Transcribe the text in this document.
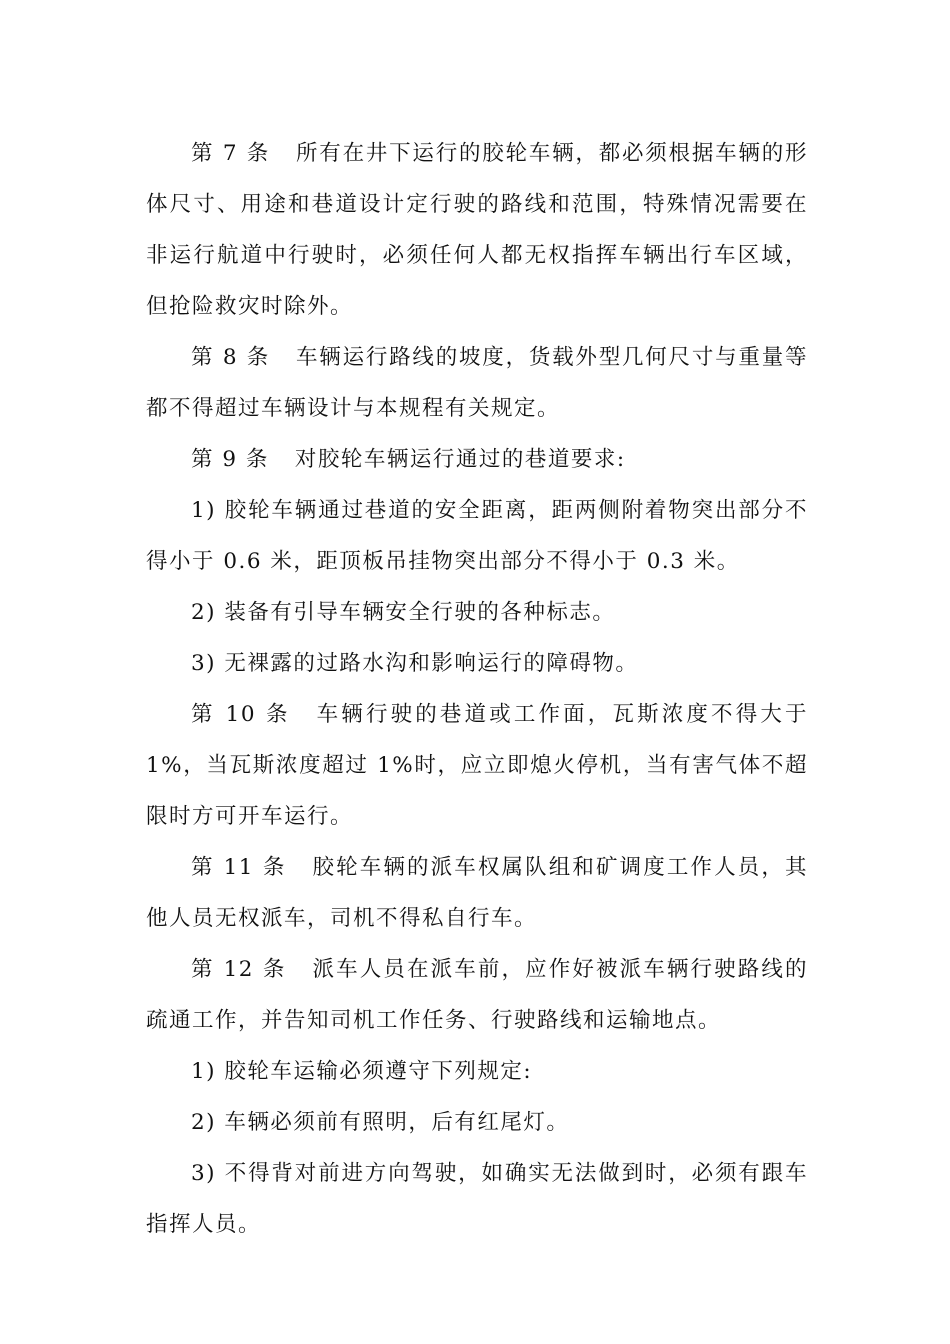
第 7 条 所有在井下运行的胶轮车辆，都必须根据车辆的形体尺寸、用途和巷道设计定行驶的路线和范围，特殊情况需要在非运行航道中行驶时，必须任何人都无权指挥车辆出行车区域，但抢险救灾时除外。

第 8 条 车辆运行路线的坡度，货载外型几何尺寸与重量等都不得超过车辆设计与本规程有关规定。

第 9 条 对胶轮车辆运行通过的巷道要求:

1) 胶轮车辆通过巷道的安全距离，距两侧附着物突出部分不得小于 0.6 米，距顶板吊挂物突出部分不得小于 0.3 米。

2) 装备有引导车辆安全行驶的各种标志。

3) 无裸露的过路水沟和影响运行的障碍物。

第 10 条 车辆行驶的巷道或工作面，瓦斯浓度不得大于 1%，当瓦斯浓度超过 1%时，应立即熄火停机，当有害气体不超限时方可开车运行。

第 11 条 胶轮车辆的派车权属队组和矿调度工作人员，其他人员无权派车，司机不得私自行车。

第 12 条 派车人员在派车前，应作好被派车辆行驶路线的疏通工作，并告知司机工作任务、行驶路线和运输地点。

1) 胶轮车运输必须遵守下列规定:

2) 车辆必须前有照明，后有红尾灯。

3) 不得背对前进方向驾驶，如确实无法做到时，必须有跟车指挥人员。
